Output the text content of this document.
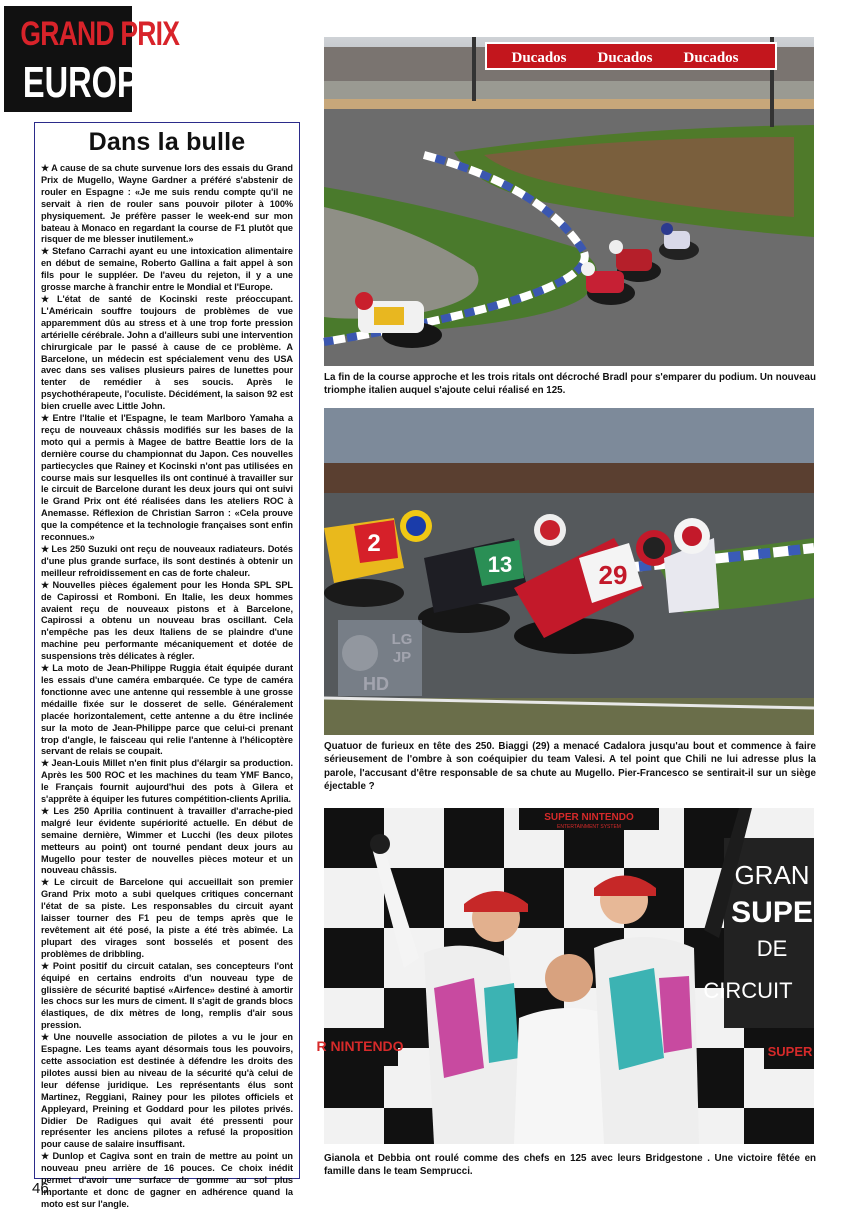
GRAND PRIX
EUROPE
Dans la bulle

★ A cause de sa chute survenue lors des essais du Grand Prix de Mugello, Wayne Gardner a préféré s'abstenir de rouler en Espagne : «Je me suis rendu compte qu'il ne servait à rien de rouler sans pouvoir piloter à 100% physiquement. Je préfère passer le week-end sur mon bateau à Monaco en regardant la course de F1 plutôt que risquer de me blesser inutilement.»

★ Stefano Carrachi ayant eu une intoxication alimentaire en début de semaine, Roberto Gallina a fait appel à son fils pour le suppléer. De l'aveu du rejeton, il y a une grosse marche à franchir entre le Mondial et l'Europe.

★ L'état de santé de Kocinski reste préoccupant. L'Américain souffre toujours de problèmes de vue apparemment dûs au stress et à une trop forte pression artérielle cérébrale. John a d'ailleurs subi une intervention chirurgicale par le passé à cause de ce problème. A Barcelone, un médecin est spécialement venu des USA avec dans ses valises plusieurs paires de lunettes pour tenter de remédier à ses soucis. Après le psychothérapeute, l'oculiste. Décidément, la saison 92 est bien cruelle avec Little John.

★ Entre l'Italie et l'Espagne, le team Marlboro Yamaha a reçu de nouveaux châssis modifiés sur les bases de la moto qui a permis à Magee de battre Beattie lors de la dernière course du championnat du Japon. Ces nouvelles partiecycles que Rainey et Kocinski n'ont pas utilisées en course mais sur lesquelles ils ont continué à travailler sur le circuit de Barcelone durant les deux jours qui ont suivi le Grand Prix ont été réalisées dans les ateliers ROC à Anemasse. Réflexion de Christian Sarron : «Cela prouve que la compétence et la technologie françaises sont enfin reconnues.»

★ Les 250 Suzuki ont reçu de nouveaux radiateurs. Dotés d'une plus grande surface, ils sont destinés à obtenir un meilleur refroidissement en cas de forte chaleur.

★ Nouvelles pièces également pour les Honda SPL SPL de Capirossi et Romboni. En Italie, les deux hommes avaient reçu de nouveaux pistons et à Barcelone, Capirossi a obtenu un nouveau bras oscillant. Cela n'empêche pas les deux Italiens de se plaindre d'une machine peu performante mécaniquement et dotée de suspensions très délicates à régler.

★ La moto de Jean-Philippe Ruggia était équipée durant les essais d'une caméra embarquée. Ce type de caméra fonctionne avec une antenne qui ressemble à une grosse médaille fixée sur le dosseret de selle. Généralement placée horizontalement, cette antenne a du être inclinée sur la moto de Jean-Philippe parce que celui-ci prenant trop d'angle, le faisceau qui relie l'antenne à l'hélicoptère servant de relais se coupait.

★ Jean-Louis Millet n'en finit plus d'élargir sa production. Après les 500 ROC et les machines du team YMF Banco, le Français fournit aujourd'hui des pots à Gilera et s'apprête à équiper les futures compétition-clients Aprilia.

★ Les 250 Aprilia continuent à travailler d'arrache-pied malgré leur évidente supériorité actuelle. En début de semaine dernière, Wimmer et Lucchi (les deux pilotes metteurs au point) ont tourné pendant deux jours au Mugello pour tester de nouvelles pièces moteur et un nouveau châssis.

★ Le circuit de Barcelone qui accueillait son premier Grand Prix moto a subi quelques critiques concernant l'état de sa piste. Les responsables du circuit ayant laisser tourner des F1 peu de temps après que le revêtement ait été posé, la piste a été très abîmée. La plupart des virages sont bosselés et posent des problèmes de dribbling.

★ Point positif du circuit catalan, ses concepteurs l'ont équipé en certains endroits d'un nouveau type de glissière de sécurité baptisé «Airfence» destiné à amortir les chocs sur les murs de ciment. Il s'agit de grands blocs élastiques, de dix mètres de long, remplis d'air sous pression.

★ Une nouvelle association de pilotes a vu le jour en Espagne. Les teams ayant désormais tous les pouvoirs, cette association est destinée à défendre les droits des pilotes aussi bien au niveau de la sécurité qu'à celui de leur défense juridique. Les représentants élus sont Martinez, Reggiani, Rainey pour les pilotes officiels et Appleyard, Preining et Goddard pour les pilotes privés. Didier De Radigues qui avait été pressenti pour représenter les anciens pilotes a refusé la proposition pour cause de salaire insuffisant.

★ Dunlop et Cagiva sont en train de mettre au point un nouveau pneu arrière de 16 pouces. Ce choix inédit permet d'avoir une surface de gomme au sol plus importante et donc de gagner en adhérence quand la moto est sur l'angle.

46
Ducados Ducados Ducados

La fin de la course approche et les trois ritals ont décroché Bradl pour s'emparer du podium. Un nouveau triomphe italien auquel s'ajoute celui réalisé en 125.

2
13	29
LG
JP
HD

Quatuor de furieux en tête des 250. Biaggi (29) a menacé Cadalora jusqu'au bout et commence à faire sérieusement de l'ombre à son coéquipier du team Valesi. A tel point que Chili ne lui adresse plus la parole, l'accusant d'être responsable de sa chute au Mugello. Pier-Francesco se sentirait-il sur un siège éjectable ?

SUPER NINTENDO
ENTERTAINMENT SYSTEM
GRAN
SUPE
DE
CIRCUIT
R NINTENDO	SUPER

Gianola et Debbia ont roulé comme des chefs en 125 avec leurs Bridgestone . Une victoire fêtée en famille dans le team Semprucci.
